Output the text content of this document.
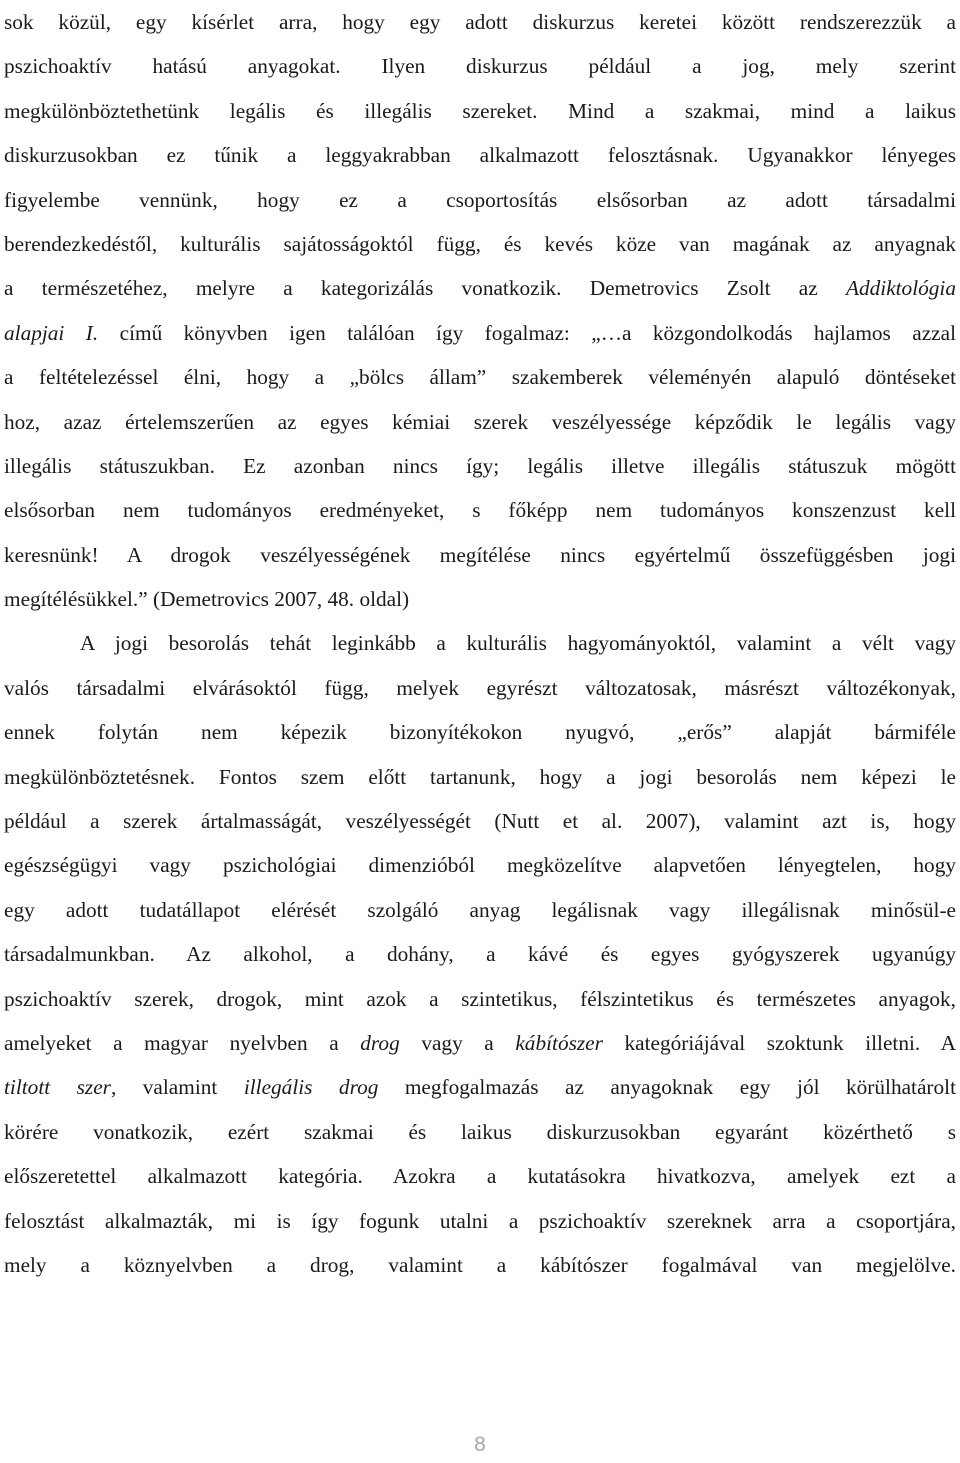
sok közül, egy kísérlet arra, hogy egy adott diskurzus keretei között rendszerezzük a
pszichoaktív hatású anyagokat. Ilyen diskurzus például a jog, mely szerint
megkülönböztethetünk legális és illegális szereket. Mind a szakmai, mind a laikus
diskurzusokban ez tűnik a leggyakrabban alkalmazott felosztásnak. Ugyanakkor lényeges
figyelembe vennünk, hogy ez a csoportosítás elsősorban az adott társadalmi
berendezkedéstől, kulturális sajátosságoktól függ, és kevés köze van magának az anyagnak
a természetéhez, melyre a kategorizálás vonatkozik. Demetrovics Zsolt az Addiktológia
alapjai I. című könyvben igen találóan így fogalmaz: „…a közgondolkodás hajlamos azzal
a feltételezéssel élni, hogy a „bölcs állam” szakemberek véleményén alapuló döntéseket
hoz, azaz értelemszerűen az egyes kémiai szerek veszélyessége képződik le legális vagy
illegális státuszukban. Ez azonban nincs így; legális illetve illegális státuszuk mögött
elsősorban nem tudományos eredményeket, s főképp nem tudományos konszenzust kell
keresnünk! A drogok veszélyességének megítélése nincs egyértelmű összefüggésben jogi
megítélésükkel.” (Demetrovics 2007, 48. oldal)
A jogi besorolás tehát leginkább a kulturális hagyományoktól, valamint a vélt vagy
valós társadalmi elvárásoktól függ, melyek egyrészt változatosak, másrészt változékonyak,
ennek folytán nem képezik bizonyítékokon nyugvó, „erős” alapját bármiféle
megkülönböztetésnek. Fontos szem előtt tartanunk, hogy a jogi besorolás nem képezi le
például a szerek ártalmasságát, veszélyességét (Nutt et al. 2007), valamint azt is, hogy
egészségügyi vagy pszichológiai dimenzióból megközelítve alapvetően lényegtelen, hogy
egy adott tudatállapot elérését szolgáló anyag legálisnak vagy illegálisnak minősül-e
társadalmunkban. Az alkohol, a dohány, a kávé és egyes gyógyszerek ugyanúgy
pszichoaktív szerek, drogok, mint azok a szintetikus, félszintetikus és természetes anyagok,
amelyeket a magyar nyelvben a drog vagy a kábítószer kategóriájával szoktunk illetni. A
tiltott szer, valamint illegális drog megfogalmazás az anyagoknak egy jól körülhatárolt
körére vonatkozik, ezért szakmai és laikus diskurzusokban egyaránt közérthető s
előszeretettel alkalmazott kategória. Azokra a kutatásokra hivatkozva, amelyek ezt a
felosztást alkalmazták, mi is így fogunk utalni a pszichoaktív szereknek arra a csoportjára,
mely a köznyelvben a drog, valamint a kábítószer fogalmával van megjelölve.
8
